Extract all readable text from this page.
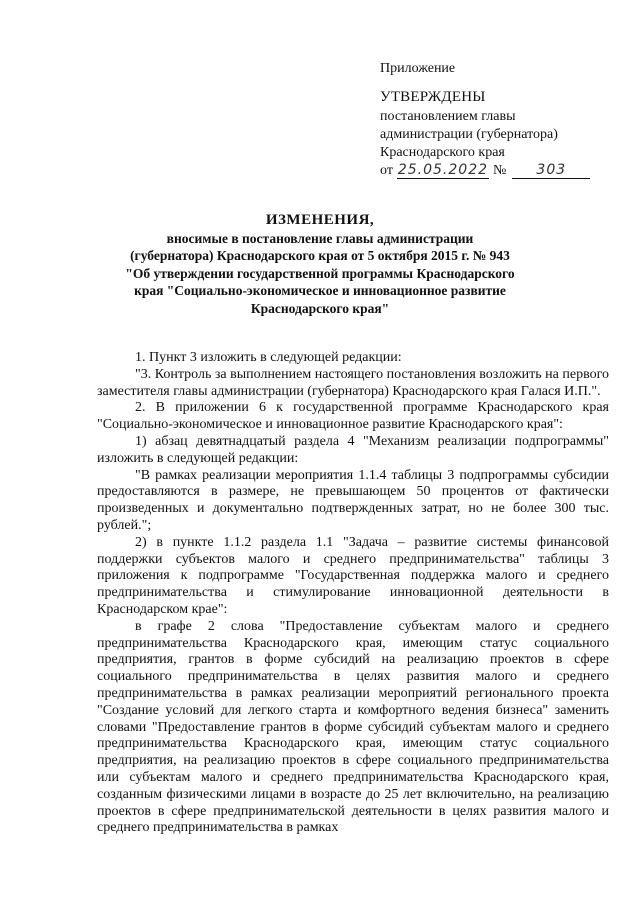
Приложение
УТВЕРЖДЕНЫ
постановлением главы
администрации (губернатора)
Краснодарского края
от 25.05.2022 №	303
ИЗМЕНЕНИЯ,
вносимые в постановление главы администрации
(губернатора) Краснодарского края от 5 октября 2015 г. № 943
"Об утверждении государственной программы Краснодарского
края "Социально-экономическое и инновационное развитие
Краснодарского края"

1. Пункт 3 изложить в следующей редакции:

"3. Контроль за выполнением настоящего постановления возложить на первого заместителя главы администрации (губернатора) Краснодарского края Галася И.П.".

2. В приложении 6 к государственной программе Краснодарского края "Социально-экономическое и инновационное развитие Краснодарского края":

1) абзац девятнадцатый раздела 4 "Механизм реализации подпрограммы" изложить в следующей редакции:

"В рамках реализации мероприятия 1.1.4 таблицы 3 подпрограммы субсидии предоставляются в размере, не превышающем 50 процентов от фактически произведенных и документально подтвержденных затрат, но не более 300 тыс. рублей.";

2) в пункте 1.1.2 раздела 1.1 "Задача – развитие системы финансовой поддержки субъектов малого и среднего предпринимательства" таблицы 3 приложения к подпрограмме "Государственная поддержка малого и среднего предпринимательства и стимулирование инновационной деятельности в Краснодарском крае":

в графе 2 слова "Предоставление субъектам малого и среднего предпринимательства Краснодарского края, имеющим статус социального предприятия, грантов в форме субсидий на реализацию проектов в сфере социального предпринимательства в целях развития малого и среднего предпринимательства в рамках реализации мероприятий регионального проекта "Создание условий для легкого старта и комфортного ведения бизнеса" заменить словами "Предоставление грантов в форме субсидий субъектам малого и среднего предпринимательства Краснодарского края, имеющим статус социального предприятия, на реализацию проектов в сфере социального предпринимательства или субъектам малого и среднего предпринимательства Краснодарского края, созданным физическими лицами в возрасте до 25 лет включительно, на реализацию проектов в сфере предпринимательской деятельности в целях развития малого и среднего предпринимательства в рамках
